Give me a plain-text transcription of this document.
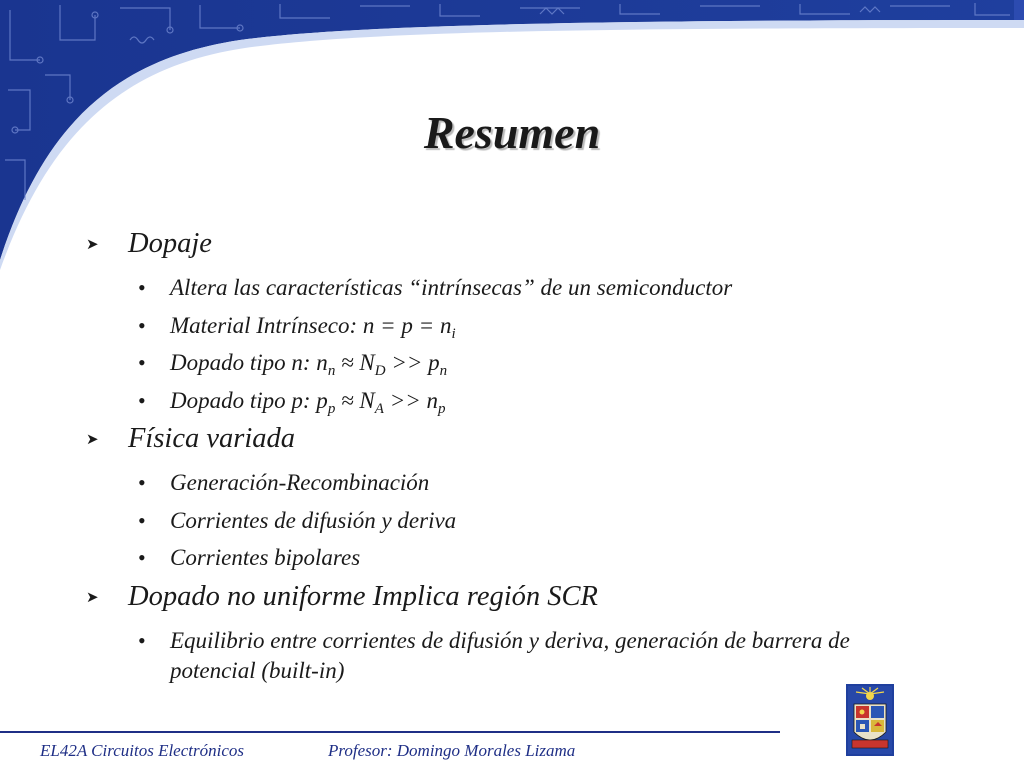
Resumen
➤	Dopaje
•	Altera las características “intrínsecas” de un semiconductor
•	Material Intrínseco: $n = p = n_i$
•	Dopado tipo n: $n_n \approx N_D >> p_n$
•	Dopado tipo p: $p_p \approx N_A >> n_p$
➤	Física variada
•	Generación-Recombinación
•	Corrientes de difusión y deriva
•	Corrientes bipolares
➤	Dopado no uniforme Implica región SCR
•	Equilibrio entre corrientes de difusión y deriva, generación de barrera de potencial (built-in)
EL42A Circuitos Electrónicos	Profesor: Domingo Morales Lizama
